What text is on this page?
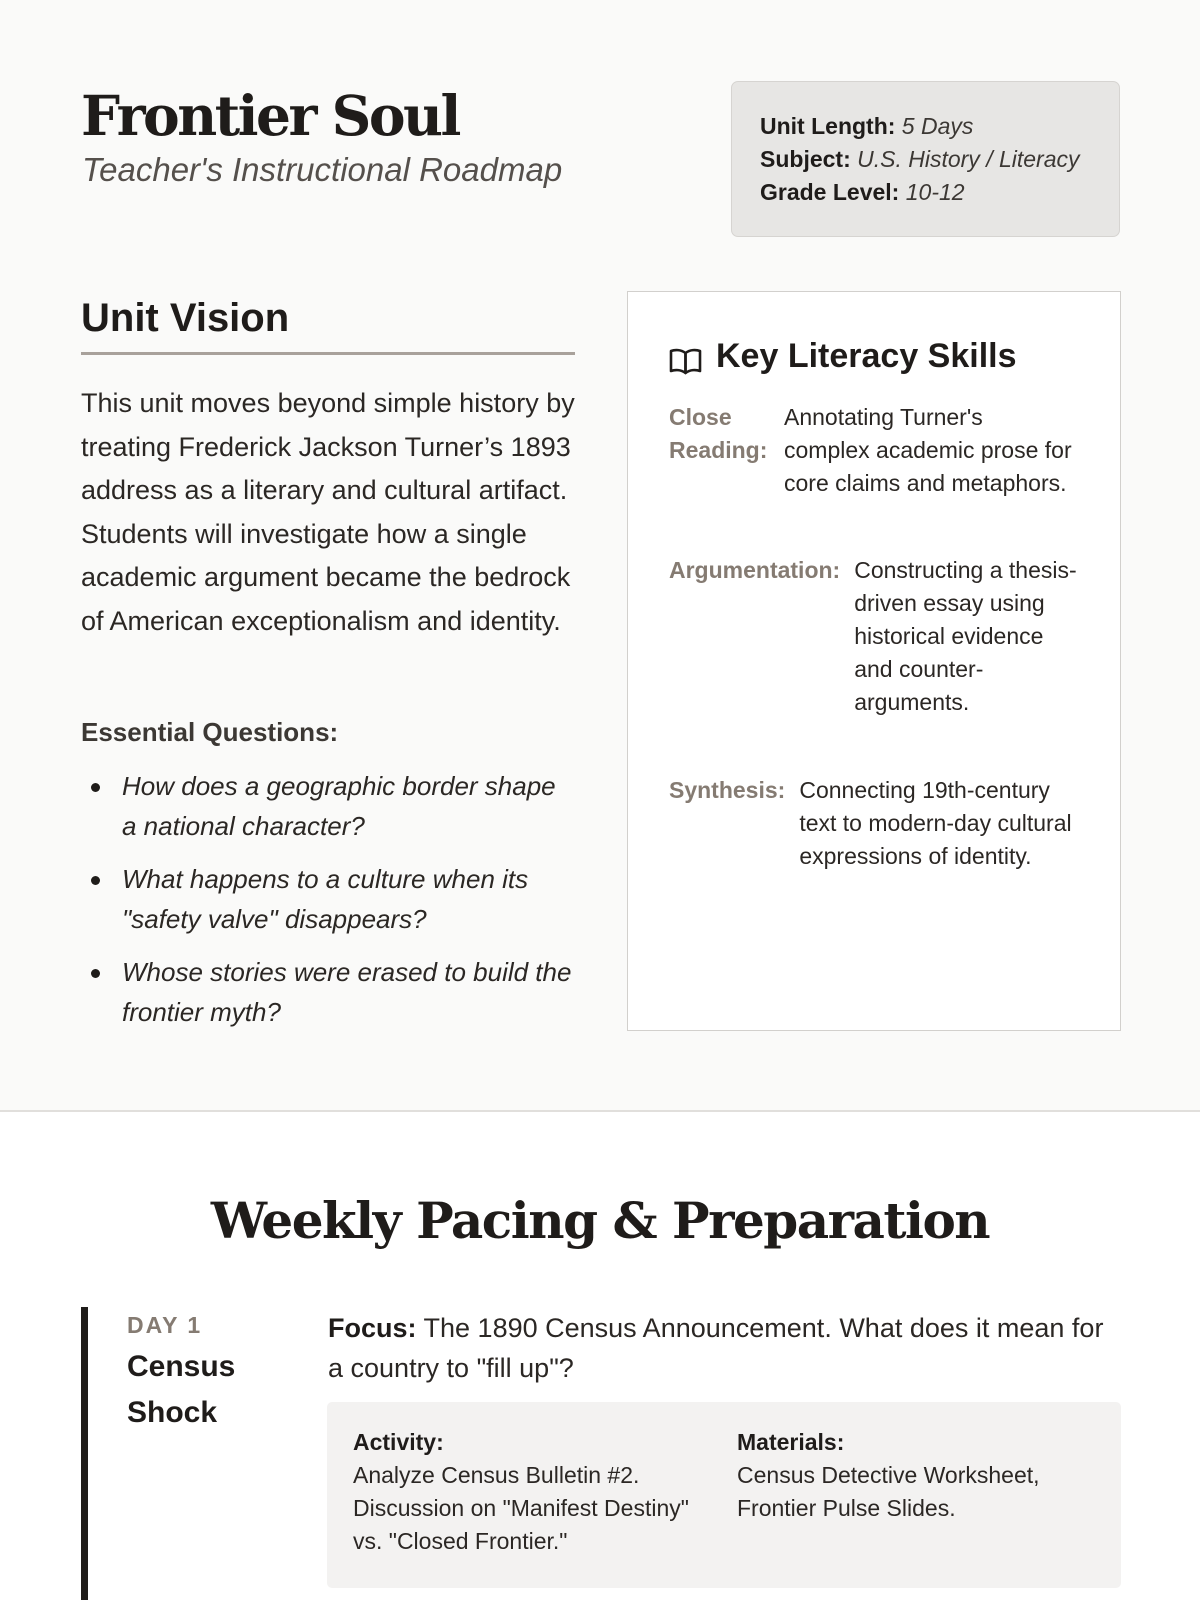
Frontier Soul
Teacher's Instructional Roadmap
Unit Length: 5 Days
Subject: U.S. History / Literacy
Grade Level: 10-12
Unit Vision

This unit moves beyond simple history by treating Frederick Jackson Turner’s 1893 address as a literary and cultural artifact. Students will investigate how a single academic argument became the bedrock of American exceptionalism and identity.

Essential Questions:
How does a geographic border shape a national character?
What happens to a culture when its "safety valve" disappears?
Whose stories were erased to build the frontier myth?
Key Literacy Skills
Close Reading:
Annotating Turner's complex academic prose for core claims and metaphors.
Argumentation: Constructing a thesis-driven essay using historical evidence and counter-arguments.
Synthesis: Connecting 19th-century text to modern-day cultural expressions of identity.
Weekly Pacing & Preparation
DAY 1
Census Shock
Focus: The 1890 Census Announcement. What does it mean for a country to "fill up"?
Activity:
Analyze Census Bulletin #2. Discussion on "Manifest Destiny" vs. "Closed Frontier."
Materials:
Census Detective Worksheet, Frontier Pulse Slides.
